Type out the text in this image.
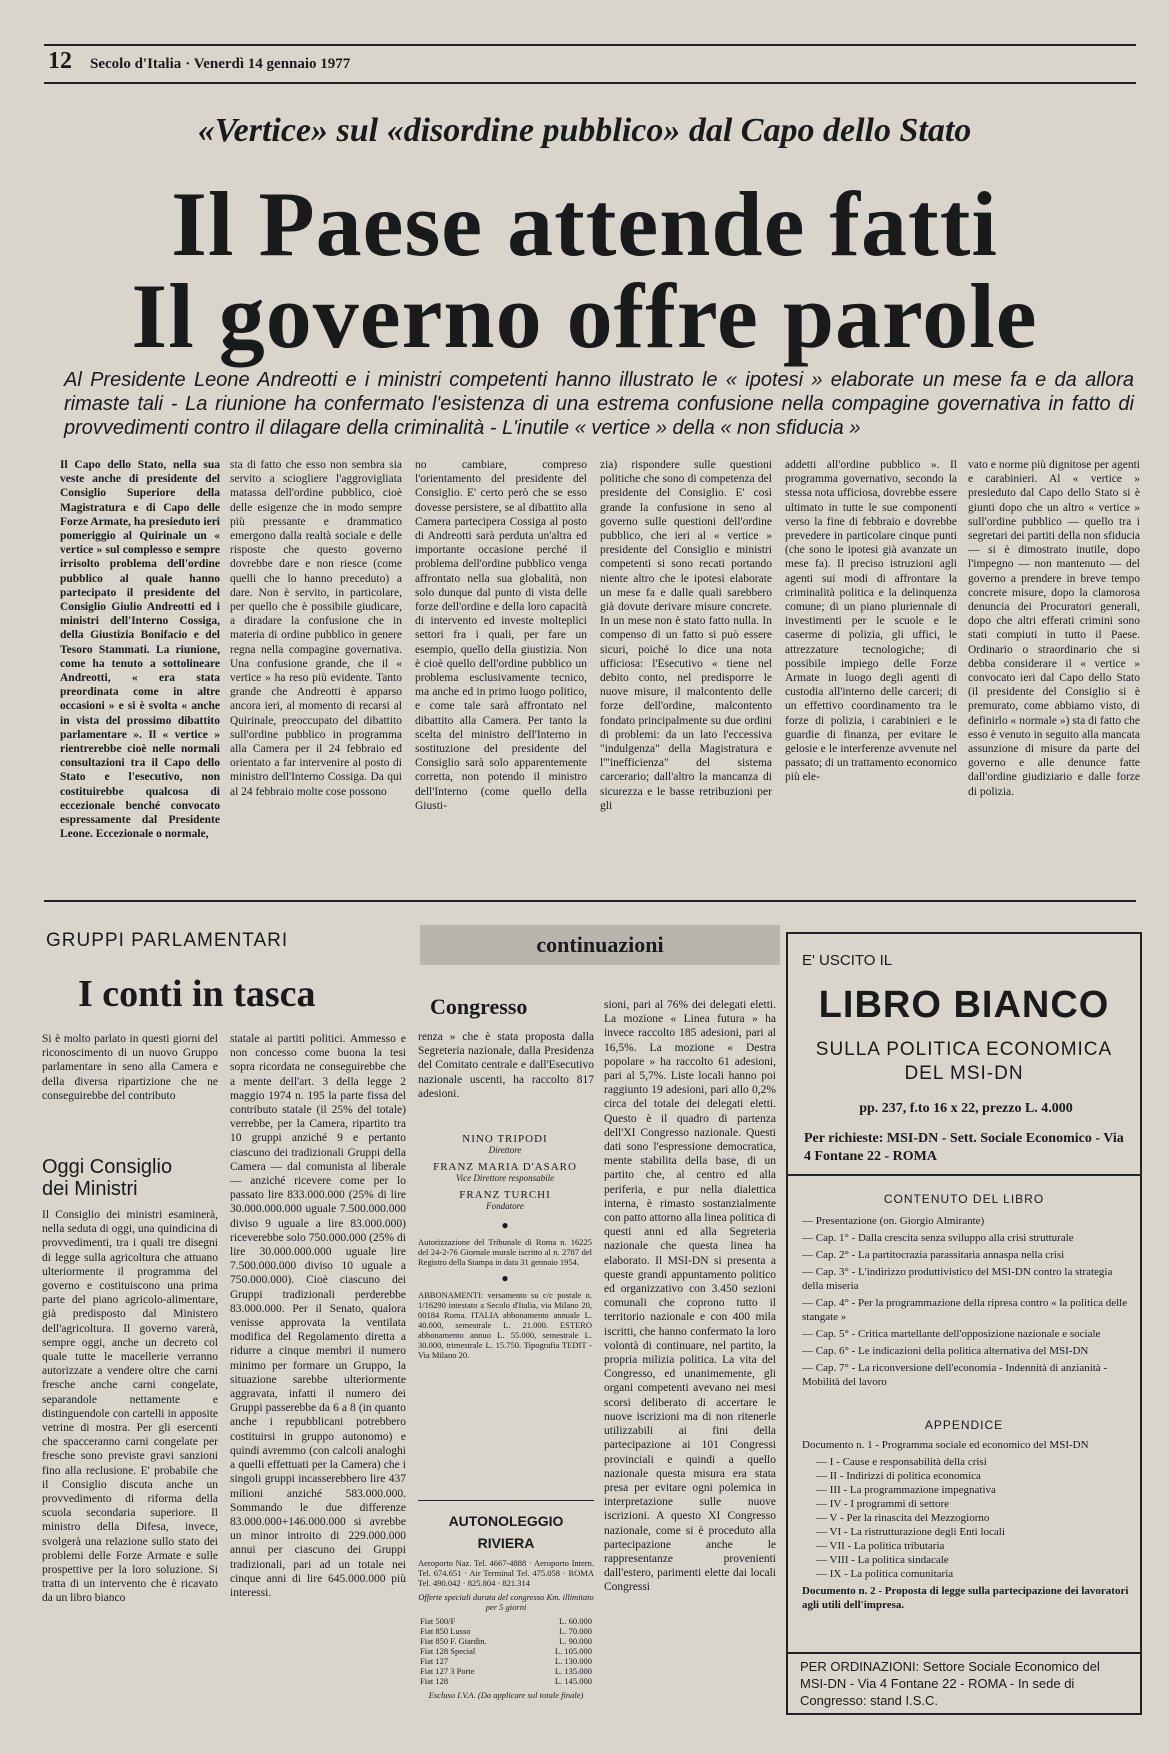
12 Secolo d'Italia · Venerdì 14 gennaio 1977
«Vertice» sul «disordine pubblico» dal Capo dello Stato
Il Paese attende fatti
Il governo offre parole
Al Presidente Leone Andreotti e i ministri competenti hanno illustrato le « ipotesi » elaborate un mese fa e da allora rimaste tali - La riunione ha confermato l'esistenza di una estrema confusione nella compagine governativa in fatto di provvedimenti contro il dilagare della criminalità - L'inutile « vertice » della « non sfiducia »
Il Capo dello Stato, nella sua veste anche di presidente del Consiglio Superiore della Magistratura e di Capo delle Forze Armate, ha presieduto ieri pomeriggio al Quirinale un « vertice » sul complesso e sempre irrisolto problema dell'ordine pubblico al quale hanno partecipato il presidente del Consiglio Giulio Andreotti ed i ministri dell'Interno Cossiga, della Giustizia Bonifacio e del Tesoro Stammati. La riunione, come ha tenuto a sottolineare Andreotti, « era stata preordinata come in altre occasioni » e si è svolta « anche in vista del prossimo dibattito parlamentare ». Il « vertice » rientrerebbe cioè nelle normali consultazioni tra il Capo dello Stato e l'esecutivo, non costituirebbe qualcosa di eccezionale benché convocato espressamente dal Presidente Leone. Eccezionale o normale,
sta di fatto che esso non sembra sia servito a sciogliere l'aggrovigliata matassa dell'ordine pubblico, cioè delle esigenze che in modo sempre più pressante e drammatico emergono dalla realtà sociale e delle risposte che questo governo dovrebbe dare e non riesce (come quelli che lo hanno preceduto) a dare. Non è servito, in particolare, per quello che è possibile giudicare, a diradare la confusione che in materia di ordine pubblico in genere regna nella compagine governativa. Una confusione grande, che il « vertice » ha reso più evidente. Tanto grande che Andreotti è apparso ancora ieri, al momento di recarsi al Quirinale, preoccupato del dibattito sull'ordine pubblico in programma alla Camera per il 24 febbraio ed orientato a far intervenire al posto di ministro dell'Interno Cossiga. Da qui al 24 febbraio molte cose possono
no cambiare, compreso l'orientamento del presidente del Consiglio. E' certo però che se esso dovesse persistere, se al dibattito alla Camera partecipera Cossiga al posto di Andreotti sarà perduta un'altra ed importante occasione perché il problema dell'ordine pubblico venga affrontato nella sua globalità, non solo dunque dal punto di vista delle forze dell'ordine e della loro capacità di intervento ed investe molteplici settori fra i quali, per fare un esempio, quello della giustizia. Non è cioè quello dell'ordine pubblico un problema esclusivamente tecnico, ma anche ed in primo luogo politico, e come tale sarà affrontato nel dibattito alla Camera. Per tanto la scelta del ministro dell'Interno in sostituzione del presidente del Consiglio sarà solo apparentemente corretta, non potendo il ministro dell'Interno (come quello della Giusti-
zia) rispondere sulle questioni politiche che sono di competenza del presidente del Consiglio. E' così grande la confusione in seno al governo sulle questioni dell'ordine pubblico, che ieri al « vertice » presidente del Consiglio e ministri competenti si sono recati portando niente altro che le ipotesi elaborate un mese fa e dalle quali sarebbero già dovute derivare misure concrete. In un mese non è stato fatto nulla. In compenso di un fatto si può essere sicuri, poiché lo dice una nota ufficiosa: l'Esecutivo « tiene nel debito conto, nel predisporre le nuove misure, il malcontento delle forze dell'ordine, malcontento fondato principalmente su due ordini di problemi: da un lato l'eccessiva "indulgenza" della Magistratura e l'"inefficienza" del sistema carcerario; dall'altro la mancanza di sicurezza e le basse retribuzioni per gli
addetti all'ordine pubblico ». Il programma governativo, secondo la stessa nota ufficiosa, dovrebbe essere ultimato in tutte le sue componenti verso la fine di febbraio e dovrebbe prevedere in particolare cinque punti (che sono le ipotesi già avanzate un mese fa). Il preciso istruzioni agli agenti sui modi di affrontare la criminalità politica e la delinquenza comune; di un piano pluriennale di investimenti per le scuole e le caserme di polizia, gli uffici, le attrezzature tecnologiche; di possibile impiego delle Forze Armate in luogo degli agenti di custodia all'interno delle carceri; di un effettivo coordinamento tra le forze di polizia, i carabinieri e le guardie di finanza, per evitare le gelosie e le interferenze avvenute nel passato; di un trattamento economico più ele-
vato e norme più dignitose per agenti e carabinieri. Al « vertice » presieduto dal Capo dello Stato si è giunti dopo che un altro « vertice » sull'ordine pubblico — quello tra i segretari dei partiti della non sfiducia — si è dimostrato inutile, dopo l'impegno — non mantenuto — del governo a prendere in breve tempo concrete misure, dopo la clamorosa denuncia dei Procuratori generali, dopo che altri efferati crimini sono stati compiuti in tutto il Paese. Ordinario o straordinario che si debba considerare il « vertice » convocato ieri dal Capo dello Stato (il presidente del Consiglio si è premurato, come abbiamo visto, di definirlo « normale ») sta di fatto che esso è venuto in seguito alla mancata assunzione di misure da parte del governo e alle denunce fatte dall'ordine giudiziario e dalle forze di polizia.
GRUPPI PARLAMENTARI
I conti in tasca
Si è molto parlato in questi giorni del riconoscimento di un nuovo Gruppo parlamentare in seno alla Camera e della diversa ripartizione che ne conseguirebbe del contributo
statale ai partiti politici. Ammesso e non concesso come buona la tesi sopra ricordata ne conseguirebbe che a mente dell'art. 3 della legge 2 maggio 1974 n. 195 la parte fissa del contributo statale (il 25% del totale) verrebbe, per la Camera, ripartito tra 10 gruppi anziché 9 e pertanto ciascuno dei tradizionali Gruppi della Camera — dal comunista al liberale — anziché ricevere come per lo passato lire 833.000.000 (25% di lire 30.000.000.000 uguale 7.500.000.000 diviso 9 uguale a lire 83.000.000) riceverebbe solo 750.000.000 (25% di lire 30.000.000.000 uguale lire 7.500.000.000 diviso 10 uguale a 750.000.000). Cioè ciascuno dei Gruppi tradizionali perderebbe 83.000.000. Per il Senato, qualora venisse approvata la ventilata modifica del Regolamento diretta a ridurre a cinque membri il numero minimo per formare un Gruppo, la situazione sarebbe ulteriormente aggravata, infatti il numero dei Gruppi passerebbe da 6 a 8 (in quanto anche i repubblicani potrebbero costituirsi in gruppo autonomo) e quindi avremmo (con calcoli analoghi a quelli effettuati per la Camera) che i singoli gruppi incasserebbero lire 437 milioni anziché 583.000.000. Sommando le due differenze 83.000.000+146.000.000 si avrebbe un minor introito di 229.000.000 annui per ciascuno dei Gruppi tradizionali, pari ad un totale nei cinque anni di lire 645.000.000 più interessi.
Oggi Consiglio
dei Ministri
Il Consiglio dei ministri esaminerà, nella seduta di oggi, una quindicina di provvedimenti, tra i quali tre disegni di legge sulla agricoltura che attuano ulteriormente il programma del governo e costituiscono una prima parte del piano agricolo-alimentare, già predisposto dal Ministero dell'agricoltura. Il governo varerà, sempre oggi, anche un decreto col quale tutte le macellerie verranno autorizzate a vendere oltre che carni fresche anche carni congelate, separandole nettamente e distinguendole con cartelli in apposite vetrine di mostra. Per gli esercenti che spacceranno carni congelate per fresche sono previste gravi sanzioni fino alla reclusione. E' probabile che il Consiglio discuta anche un provvedimento di riforma della scuola secondaria superiore. Il ministro della Difesa, invece, svolgerà una relazione sullo stato dei problemi delle Forze Armate e sulle prospettive per la loro soluzione. Si tratta di un intervento che è ricavato da un libro bianco
continuazioni
Congresso
renza » che è stata proposta dalla Segreteria nazionale, dalla Presidenza del Comitato centrale e dall'Esecutivo nazionale uscenti, ha raccolto 817 adesioni.
sioni, pari al 76% dei delegati eletti. La mozione « Linea futura » ha invece raccolto 185 adesioni, pari al 16,5%. La mozione « Destra popolare » ha raccolto 61 adesioni, pari al 5,7%. Liste locali hanno poi raggiunto 19 adesioni, pari allo 0,2% circa del totale dei delegati eletti. Questo è il quadro di partenza dell'XI Congresso nazionale. Questi dati sono l'espressione democratica, mente stabilita della base, di un partito che, al centro ed alla periferia, e pur nella dialettica interna, è rimasto sostanzialmente con patto attorno alla linea politica di questi anni ed alla Segreteria nazionale che questa linea ha elaborato. Il MSI-DN si presenta a queste grandi appuntamento politico ed organizzativo con 3.450 sezioni comunali che coprono tutto il territorio nazionale e con 400 mila iscritti, che hanno confermato la loro volontà di continuare, nel partito, la propria milizia politica. La vita del Congresso, ed unanimemente, gli organi competenti avevano nei mesi scorsi deliberato di accertare le nuove iscrizioni ma di non ritenerle utilizzabili ai fini della partecipazione ai 101 Congressi provinciali e quindi a quello nazionale questa misura era stata presa per evitare ogni polemica in interpretazione sulle nuove iscrizioni. A questo XI Congresso nazionale, come si è proceduto alla partecipazione anche le rappresentanze provenienti dall'estero, parimenti elette dai locali Congressi
NINO TRIPODI
Direttore
FRANZ MARIA D'ASARO
Vice Direttore responsabile
FRANZ TURCHI
Fondatore
●
Autorizzazione del Tribunale di Roma n. 16225 del 24-2-76 Giornale murale iscritto al n. 2787 del Registro della Stampa in data 31 gennaio 1954.
●
ABBONAMENTI: versamento su c/c postale n. 1/16290 intestato a Secolo d'Italia, via Milano 20, 00184 Roma. ITALIA abbonamento annuale L. 40.000, semestrale L. 21.000. ESTERO abbonamento annuo L. 55.000, semestrale L. 30.000, trimestrale L. 15.750. Tipografia TEDIT - Via Milano 20.
AUTONOLEGGIO
RIVIERA
Aeroporto Naz. Tel. 4667-4888 · Aeroporto Intern. Tel. 674.651 · Air Terminal Tel. 475.058 · ROMA Tel. 490.042 · 825.804 · 821.314
Offerte speciali durata del congresso Km. illimitato per 5 giorni
Fiat 500/F	L. 60.000
Fiat 850 Lusso	L. 70.000
Fiat 850 F. Giardin.	L. 90.000
Fiat 128 Special	L. 105.000
Fiat 127	L. 130.000
Fiat 127 3 Porte	L. 135.000
Fiat 128	L. 145.000
Escluso I.V.A. (Da applicare sul totale finale)
E' USCITO IL
LIBRO BIANCO
SULLA POLITICA ECONOMICA
DEL MSI-DN
pp. 237, f.to 16 x 22, prezzo L. 4.000
Per richieste: MSI-DN - Sett. Sociale Economico - Via 4 Fontane 22 - ROMA
CONTENUTO DEL LIBRO
— Presentazione (on. Giorgio Almirante)
— Cap. 1° - Dalla crescita senza sviluppo alla crisi strutturale
— Cap. 2° - La partitocrazia parassitaria annaspa nella crisi
— Cap. 3° - L'indirizzo produttivistico del MSI-DN contro la strategia della miseria
— Cap. 4° - Per la programmazione della ripresa contro « la politica delle stangate »
— Cap. 5° - Critica martellante dell'opposizione nazionale e sociale
— Cap. 6° - Le indicazioni della politica alternativa del MSI-DN
— Cap. 7° - La riconversione dell'economia - Indennità di anzianità - Mobilità del lavoro
APPENDICE
Documento n. 1 - Programma sociale ed economico del MSI-DN
— I - Cause e responsabilità della crisi
— II - Indirizzi di politica economica
— III - La programmazione impegnativa
— IV - I programmi di settore
— V - Per la rinascita del Mezzogiorno
— VI - La ristrutturazione degli Enti locali
— VII - La politica tributaria
— VIII - La politica sindacale
— IX - La politica comunitaria
Documento n. 2 - Proposta di legge sulla partecipazione dei lavoratori agli utili dell'impresa.
PER ORDINAZIONI: Settore Sociale Economico del MSI-DN - Via 4 Fontane 22 - ROMA - In sede di Congresso: stand I.S.C.
